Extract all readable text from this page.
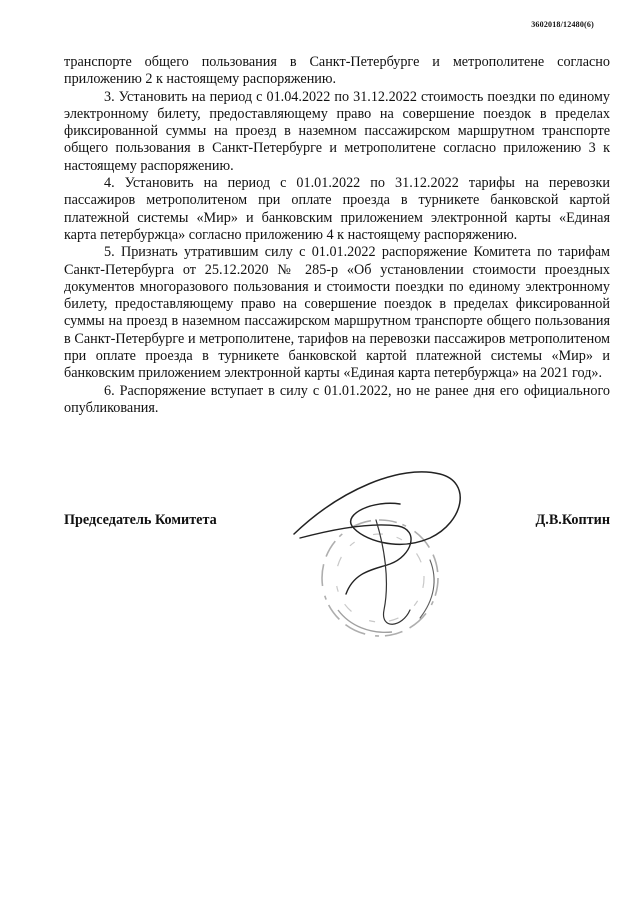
3602018/12480(6)

транспорте общего пользования в Санкт-Петербурге и метрополитене согласно приложению 2 к настоящему распоряжению.

3. Установить на период с 01.04.2022 по 31.12.2022 стоимость поездки по единому электронному билету, предоставляющему право на совершение поездок в пределах фиксированной суммы на проезд в наземном пассажирском маршрутном транспорте общего пользования в Санкт-Петербурге и метрополитене согласно приложению 3 к настоящему распоряжению.

4. Установить на период с 01.01.2022 по 31.12.2022 тарифы на перевозки пассажиров метрополитеном при оплате проезда в турникете банковской картой платежной системы «Мир» и банковским приложением электронной карты «Единая карта петербуржца» согласно приложению 4 к настоящему распоряжению.

5. Признать утратившим силу с 01.01.2022 распоряжение Комитета по тарифам Санкт-Петербурга от 25.12.2020 № 285-р «Об установлении стоимости проездных документов многоразового пользования и стоимости поездки по единому электронному билету, предоставляющему право на совершение поездок в пределах фиксированной суммы на проезд в наземном пассажирском маршрутном транспорте общего пользования в Санкт-Петербурге и метрополитене, тарифов на перевозки пассажиров метрополитеном при оплате проезда в турникете банковской картой платежной системы «Мир» и банковским приложением электронной карты «Единая карта петербуржца» на 2021 год».

6. Распоряжение вступает в силу с 01.01.2022, но не ранее дня его официального опубликования.

Председатель Комитета	Д.В.Коптин
